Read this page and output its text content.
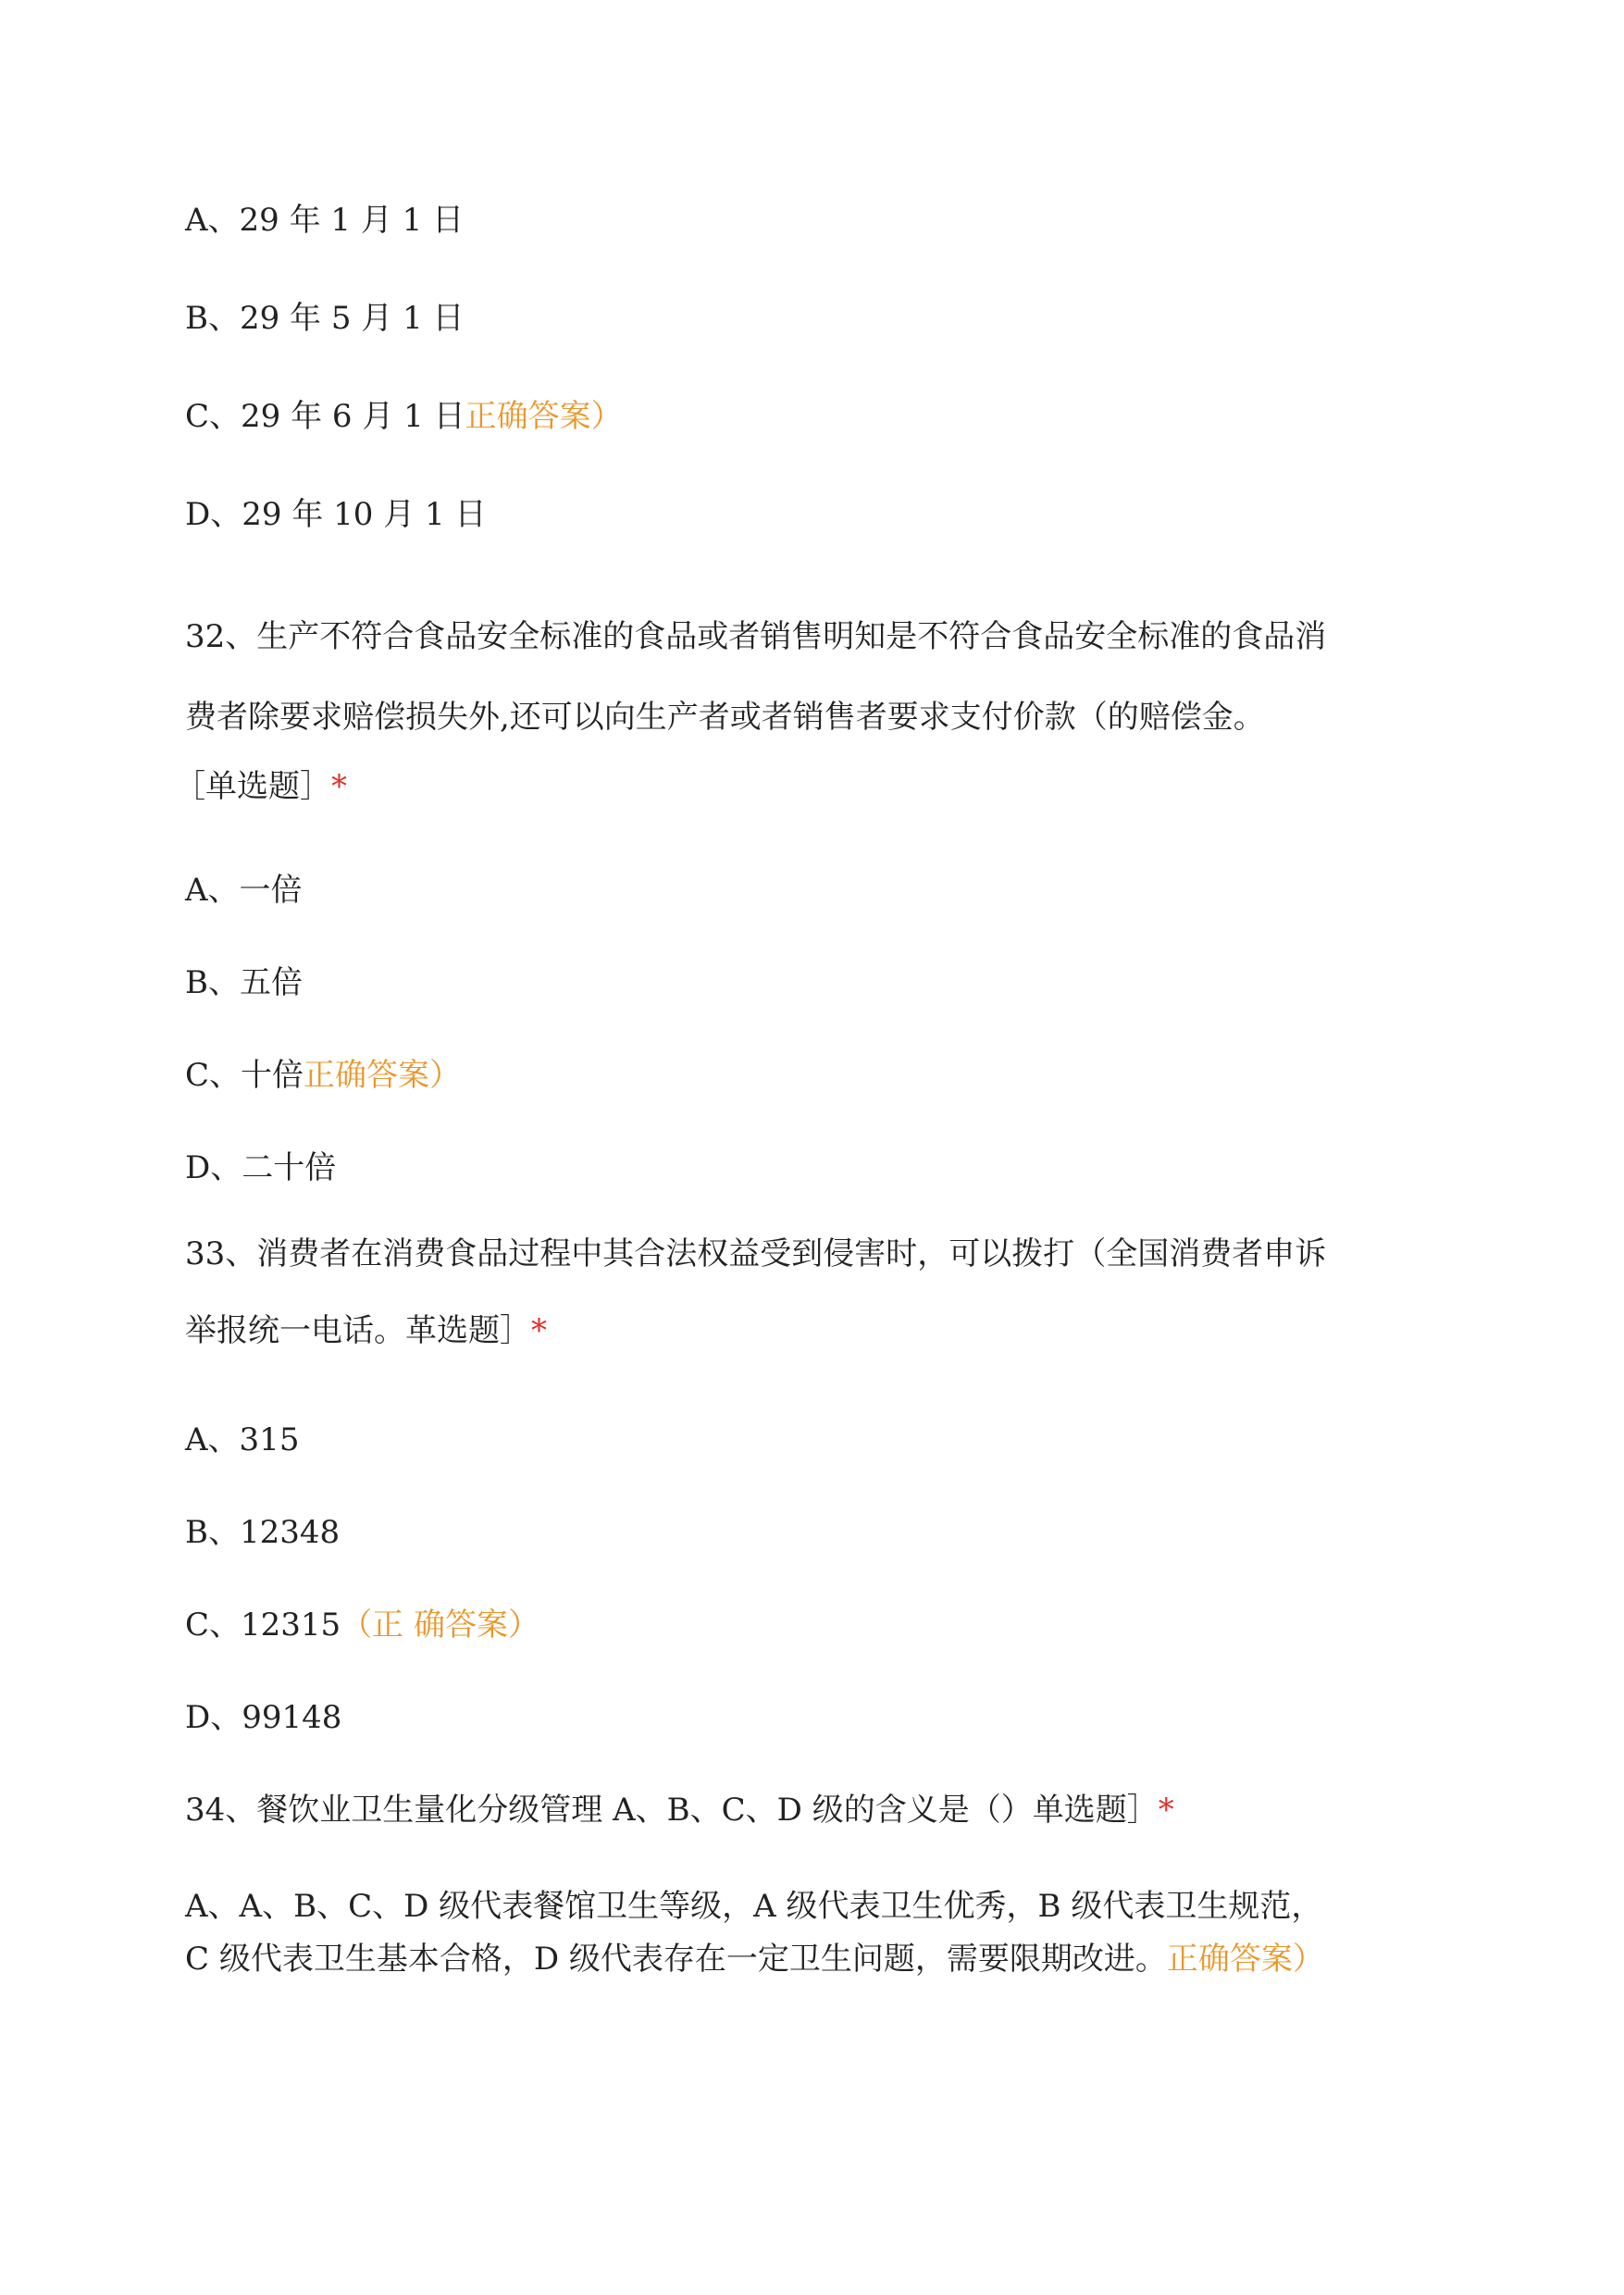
A、29 年 1 月 1 日
B、29 年 5 月 1 日
C、29 年 6 月 1 日正确答案）
D、29 年 10 月 1 日
32、生产不符合食品安全标准的食品或者销售明知是不符合食品安全标准的食品消
费者除要求赔偿损失外,还可以向生产者或者销售者要求支付价款（的赔偿金。
［单选题］*
A、一倍
B、五倍
C、十倍正确答案）
D、二十倍
33、消费者在消费食品过程中其合法权益受到侵害时，可以拨打（全国消费者申诉
举报统一电话。革选题］*
A、315
B、12348
C、12315（正 确答案）
D、99148
34、餐饮业卫生量化分级管理 A、B、C、D 级的含义是（）单选题］*
A、A、B、C、D 级代表餐馆卫生等级，A 级代表卫生优秀，B 级代表卫生规范，
C 级代表卫生基本合格，D 级代表存在一定卫生问题，需要限期改进。正确答案）
